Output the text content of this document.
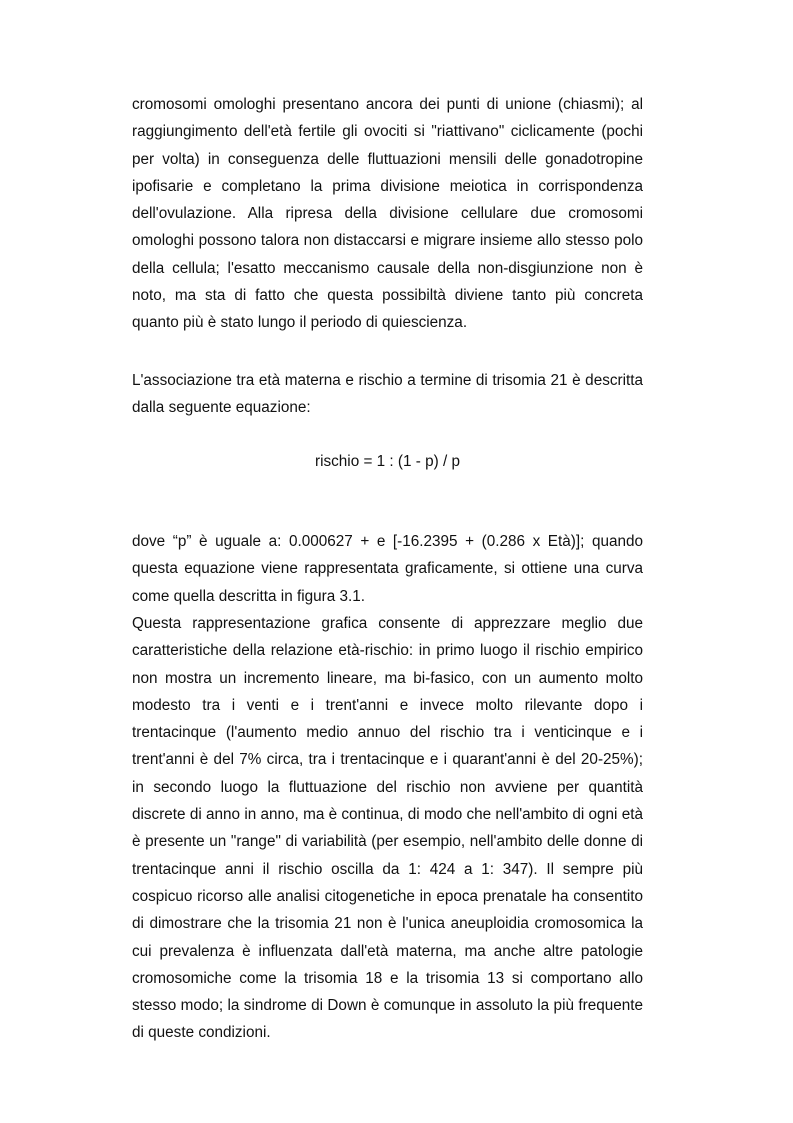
cromosomi omologhi presentano ancora dei punti di unione (chiasmi); al raggiungimento dell'età fertile gli ovociti si "riattivano" ciclicamente (pochi per volta) in conseguenza delle fluttuazioni mensili delle gonadotropine ipofisarie e completano la prima divisione meiotica in corrispondenza dell'ovulazione. Alla ripresa della divisione cellulare due cromosomi omologhi possono talora non distaccarsi e migrare insieme allo stesso polo della cellula; l'esatto meccanismo causale della non-disgiunzione non è noto, ma sta di fatto che questa possibiltà diviene tanto più concreta quanto più è stato lungo il periodo di quiescienza.

L'associazione tra età materna e rischio a termine di trisomia 21 è descritta dalla seguente equazione:

rischio = 1 : (1 - p) / p

dove “p” è uguale a: 0.000627 + e [-16.2395 + (0.286 x Età)]; quando questa equazione viene rappresentata graficamente, si ottiene una curva come quella descritta in figura 3.1.

Questa rappresentazione grafica consente di apprezzare meglio due caratteristiche della relazione età-rischio: in primo luogo il rischio empirico non mostra un incremento lineare, ma bi-fasico, con un aumento molto modesto tra i venti e i trent'anni e invece molto rilevante dopo i trentacinque (l'aumento medio annuo del rischio tra i venticinque e i trent'anni è del 7% circa, tra i trentacinque e i quarant'anni è del 20-25%); in secondo luogo la fluttuazione del rischio non avviene per quantità discrete di anno in anno, ma è continua, di modo che nell'ambito di ogni età è presente un "range" di variabilità (per esempio, nell'ambito delle donne di trentacinque anni il rischio oscilla da 1: 424 a 1: 347). Il sempre più cospicuo ricorso alle analisi citogenetiche in epoca prenatale ha consentito di dimostrare che la trisomia 21 non è l'unica aneuploidia cromosomica la cui prevalenza è influenzata dall'età materna, ma anche altre patologie cromosomiche come la trisomia 18 e la trisomia 13 si comportano allo stesso modo; la sindrome di Down è comunque in assoluto la più frequente di queste condizioni.
